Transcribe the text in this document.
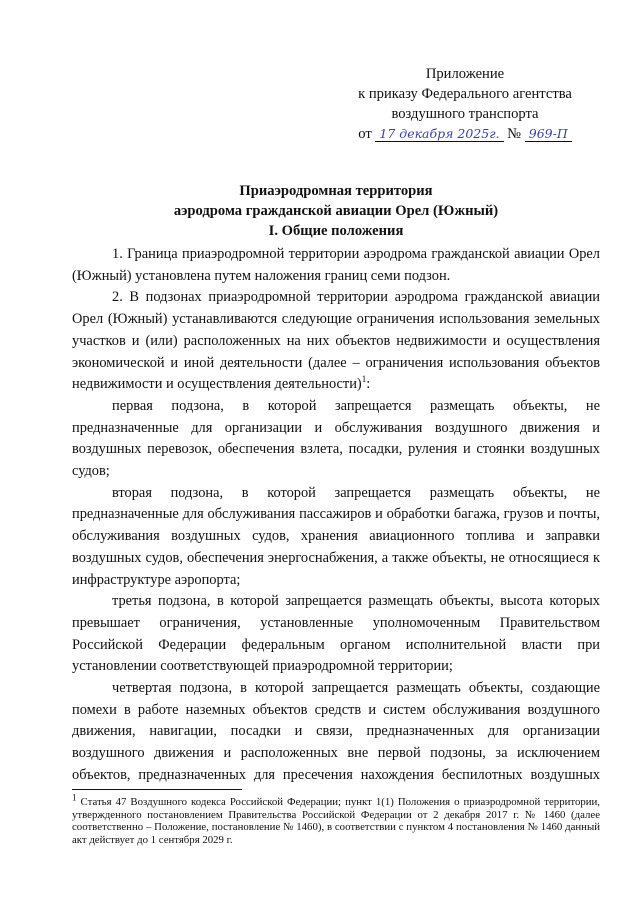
Приложение
к приказу Федерального агентства
воздушного транспорта
от 17 декабря 2025г. № 969-П
Приаэродромная территория
аэродрома гражданской авиации Орел (Южный)
I. Общие положения

1. Граница приаэродромной территории аэродрома гражданской авиации Орел (Южный) установлена путем наложения границ семи подзон.

2. В подзонах приаэродромной территории аэродрома гражданской авиации Орел (Южный) устанавливаются следующие ограничения использования земельных участков и (или) расположенных на них объектов недвижимости и осуществления экономической и иной деятельности (далее – ограничения использования объектов недвижимости и осуществления деятельности)$^1$:

первая подзона, в которой запрещается размещать объекты, не предназначенные для организации и обслуживания воздушного движения и воздушных перевозок, обеспечения взлета, посадки, руления и стоянки воздушных судов;

вторая подзона, в которой запрещается размещать объекты, не предназначенные для обслуживания пассажиров и обработки багажа, грузов и почты, обслуживания воздушных судов, хранения авиационного топлива и заправки воздушных судов, обеспечения энергоснабжения, а также объекты, не относящиеся к инфраструктуре аэропорта;

третья подзона, в которой запрещается размещать объекты, высота которых превышает ограничения, установленные уполномоченным Правительством Российской Федерации федеральным органом исполнительной власти при установлении соответствующей приаэродромной территории;

четвертая подзона, в которой запрещается размещать объекты, создающие помехи в работе наземных объектов средств и систем обслуживания воздушного движения, навигации, посадки и связи, предназначенных для организации воздушного движения и расположенных вне первой подзоны, за исключением объектов, предназначенных для пресечения нахождения беспилотных воздушных

$^1$ Статья 47 Воздушного кодекса Российской Федерации; пункт 1(1) Положения о приаэродромной территории, утвержденного постановлением Правительства Российской Федерации от 2 декабря 2017 г. № 1460 (далее соответственно – Положение, постановление № 1460), в соответствии с пунктом 4 постановления № 1460 данный акт действует до 1 сентября 2029 г.
